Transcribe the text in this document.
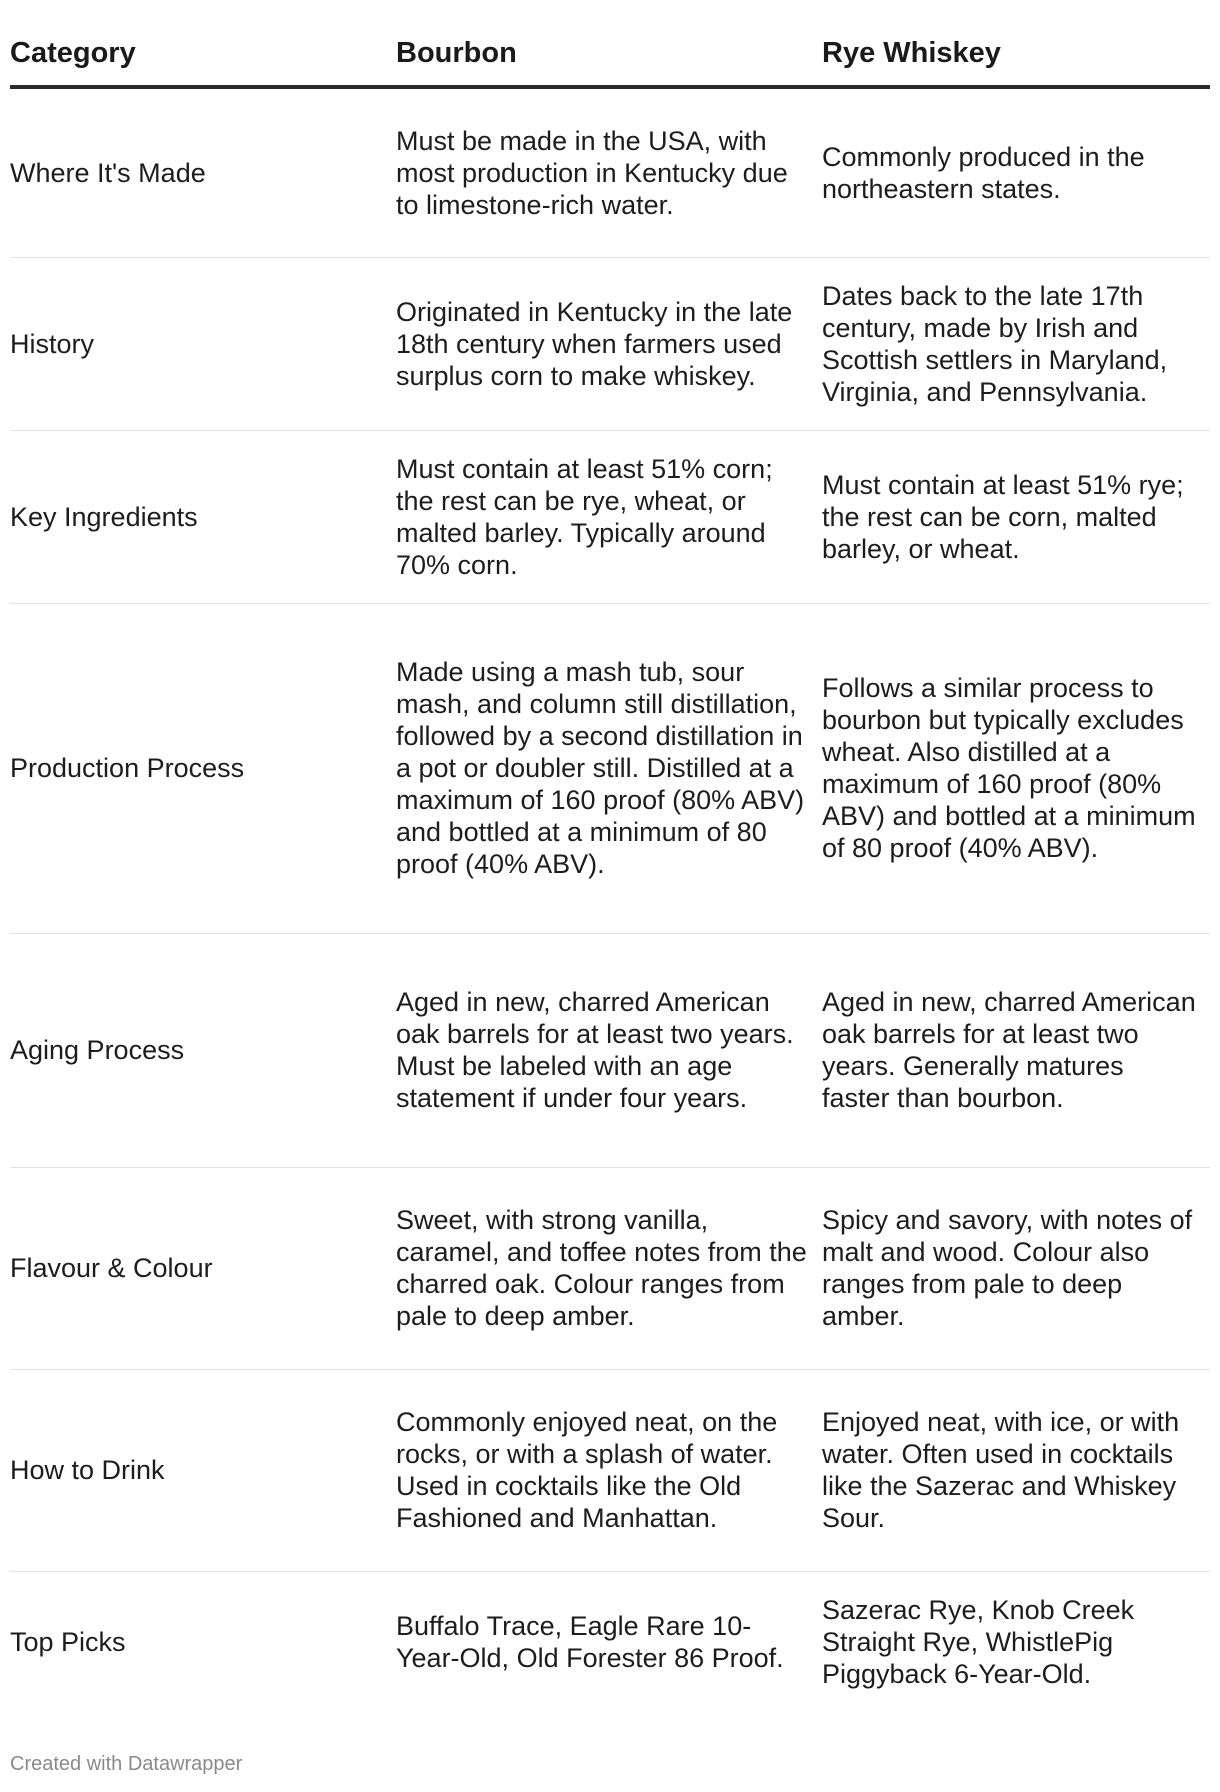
Category	Bourbon	Rye Whiskey
Where It's Made	Must be made in the USA, with most production in Kentucky due to limestone-rich water.	Commonly produced in the northeastern states.
History	Originated in Kentucky in the late 18th century when farmers used surplus corn to make whiskey.	Dates back to the late 17th century, made by Irish and Scottish settlers in Maryland, Virginia, and Pennsylvania.
Key Ingredients	Must contain at least 51% corn; the rest can be rye, wheat, or malted barley. Typically around 70% corn.	Must contain at least 51% rye; the rest can be corn, malted barley, or wheat.
Production Process	Made using a mash tub, sour mash, and column still distillation, followed by a second distillation in a pot or doubler still. Distilled at a maximum of 160 proof (80% ABV) and bottled at a minimum of 80 proof (40% ABV).	Follows a similar process to bourbon but typically excludes wheat. Also distilled at a maximum of 160 proof (80% ABV) and bottled at a minimum of 80 proof (40% ABV).
Aging Process	Aged in new, charred American oak barrels for at least two years. Must be labeled with an age statement if under four years.	Aged in new, charred American oak barrels for at least two years. Generally matures faster than bourbon.
Flavour & Colour	Sweet, with strong vanilla, caramel, and toffee notes from the charred oak. Colour ranges from pale to deep amber.	Spicy and savory, with notes of malt and wood. Colour also ranges from pale to deep amber.
How to Drink	Commonly enjoyed neat, on the rocks, or with a splash of water. Used in cocktails like the Old Fashioned and Manhattan.	Enjoyed neat, with ice, or with water. Often used in cocktails like the Sazerac and Whiskey Sour.
Top Picks	Buffalo Trace, Eagle Rare 10-Year-Old, Old Forester 86 Proof.	Sazerac Rye, Knob Creek Straight Rye, WhistlePig Piggyback 6-Year-Old.
Created with Datawrapper
